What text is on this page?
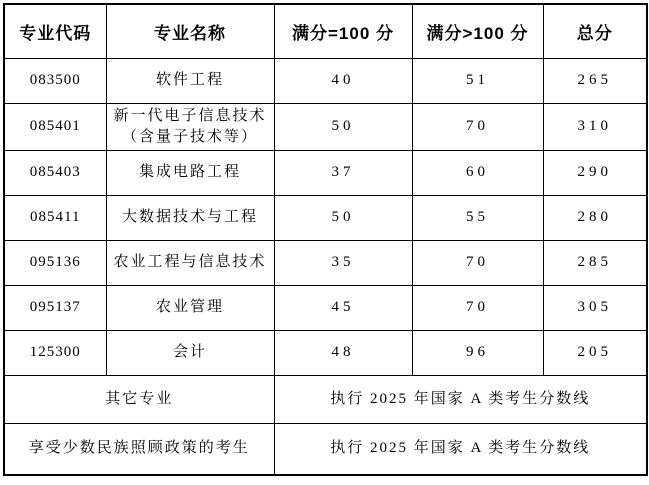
专业代码	专业名称	满分=100 分	满分>100 分	总分
083500	软件工程	40	51	265
085401	新一代电子信息技术（含量子技术等）	50	70	310
085403	集成电路工程	37	60	290
085411	大数据技术与工程	50	55	280
095136	农业工程与信息技术	35	70	285
095137	农业管理	45	70	305
125300	会计	48	96	205
其它专业		执行 2025 年国家 A 类考生分数线		
享受少数民族照顾政策的考生		执行 2025 年国家 A 类考生分数线		
